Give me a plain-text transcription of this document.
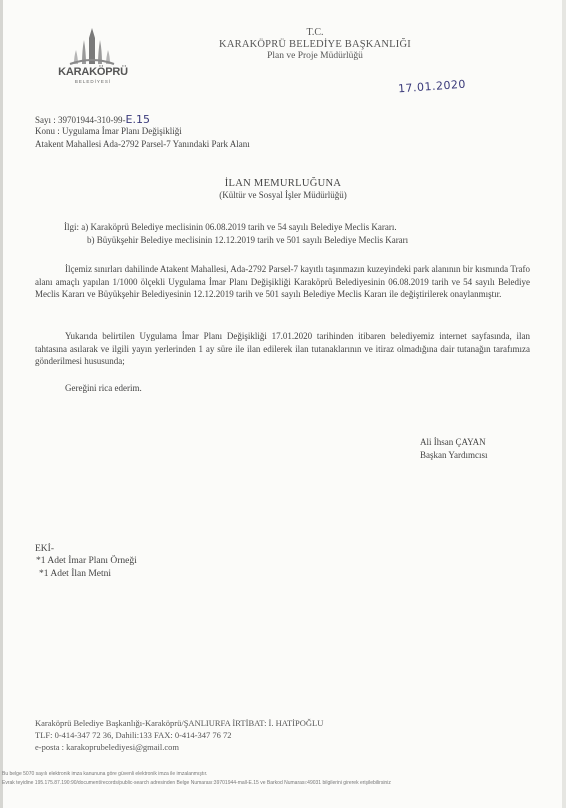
KARAKÖPRÜ
BELEDİYESİ
T.C.
KARAKÖPRÜ BELEDİYE BAŞKANLIĞI
Plan ve Proje Müdürlüğü
17.01.2020
Sayı : 39701944-310-99-E.15
Konu : Uygulama İmar Planı Değişikliği
Atakent Mahallesi Ada-2792 Parsel-7 Yanındaki Park Alanı
İLAN MEMURLUĞUNA
(Kültür ve Sosyal İşler Müdürlüğü)
İlgi: a) Karaköprü Belediye meclisinin 06.08.2019 tarih ve 54 sayılı Belediye Meclis Kararı.
b) Büyükşehir Belediye meclisinin 12.12.2019 tarih ve 501 sayılı Belediye Meclis Kararı

İlçemiz sınırları dahilinde Atakent Mahallesi, Ada-2792 Parsel-7 kayıtlı taşınmazın kuzeyindeki park alanının bir kısmında Trafo alanı amaçlı yapılan 1/1000 ölçekli Uygulama İmar Planı Değişikliği Karaköprü Belediyesinin 06.08.2019 tarih ve 54 sayılı Belediye Meclis Kararı ve Büyükşehir Belediyesinin 12.12.2019 tarih ve 501 sayılı Belediye Meclis Kararı ile değiştirilerek onaylanmıştır.

Yukarıda belirtilen Uygulama İmar Planı Değişikliği 17.01.2020 tarihinden itibaren belediyemiz internet sayfasında, ilan tahtasına asılarak ve ilgili yayın yerlerinden 1 ay süre ile ilan edilerek ilan tutanaklarının ve itiraz olmadığına dair tutanağın tarafımıza gönderilmesi hususunda;

Gereğini rica ederim.

Ali İhsan ÇAYAN
Başkan Yardımcısı
EKİ-
*1 Adet İmar Planı Örneği
*1 Adet İlan Metni
Karaköprü Belediye Başkanlığı-Karaköprü/ŞANLIURFA İRTİBAT: İ. HATİPOĞLU
TLF: 0-414-347 72 36, Dahili:133 FAX: 0-414-347 76 72
e-posta : karakoprubelediyesi@gmail.com
Bu belge 5070 sayılı elektronik imza kanununa göre güvenli elektronik imza ile imzalanmıştır.
Evrak teyidine 195.175.87.190:90/document/records/public-search adresinden Belge Numarası:39701944-mall-E.15 ve Barkod Numarası:49031 bilgilerini girerek erişilebilirsiniz
